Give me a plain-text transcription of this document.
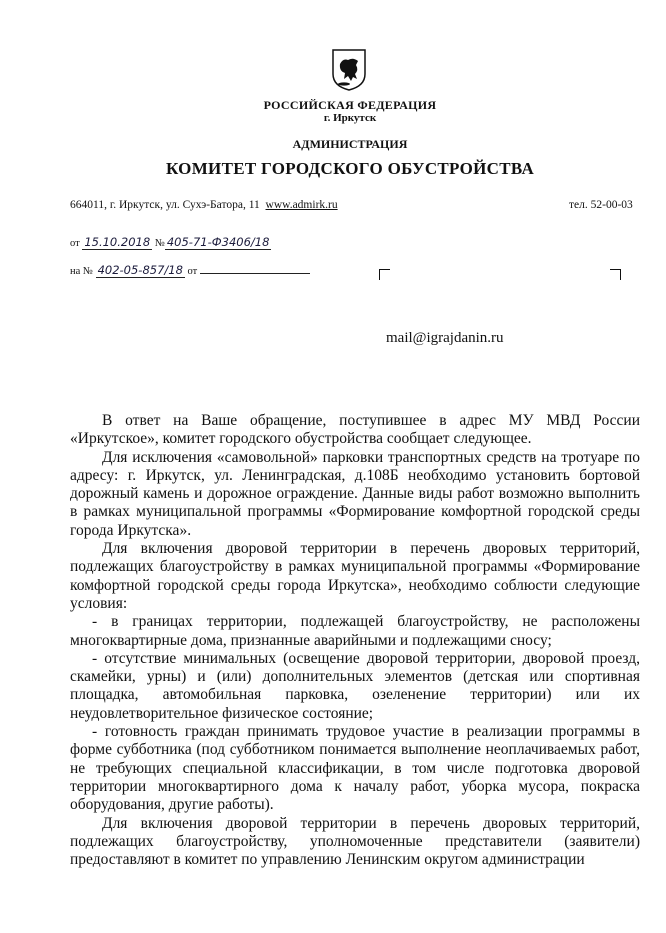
РОССИЙСКАЯ ФЕДЕРАЦИЯ
г. Иркутск
АДМИНИСТРАЦИЯ
КОМИТЕТ ГОРОДСКОГО ОБУСТРОЙСТВА
664011, г. Иркутск, ул. Сухэ-Батора, 11 www.admirk.ru	тел. 52-00-03
от 15.10.2018 № 405-71-Ф3406/18
на № 402-05-857/18 от
mail@igrajdanin.ru

В ответ на Ваше обращение, поступившее в адрес МУ МВД России «Иркутское», комитет городского обустройства сообщает следующее.

Для исключения «самовольной» парковки транспортных средств на тротуаре по адресу: г. Иркутск, ул. Ленинградская, д.108Б необходимо установить бортовой дорожный камень и дорожное ограждение. Данные виды работ возможно выполнить в рамках муниципальной программы «Формирование комфортной городской среды города Иркутска».

Для включения дворовой территории в перечень дворовых территорий, подлежащих благоустройству в рамках муниципальной программы «Формирование комфортной городской среды города Иркутска», необходимо соблюсти следующие условия:

- в границах территории, подлежащей благоустройству, не расположены многоквартирные дома, признанные аварийными и подлежащими сносу;

- отсутствие минимальных (освещение дворовой территории, дворовой проезд, скамейки, урны) и (или) дополнительных элементов (детская или спортивная площадка, автомобильная парковка, озеленение территории) или их неудовлетворительное физическое состояние;

- готовность граждан принимать трудовое участие в реализации программы в форме субботника (под субботником понимается выполнение неоплачиваемых работ, не требующих специальной классификации, в том числе подготовка дворовой территории многоквартирного дома к началу работ, уборка мусора, покраска оборудования, другие работы).

Для включения дворовой территории в перечень дворовых территорий, подлежащих благоустройству, уполномоченные представители (заявители) предоставляют в комитет по управлению Ленинским округом администрации
